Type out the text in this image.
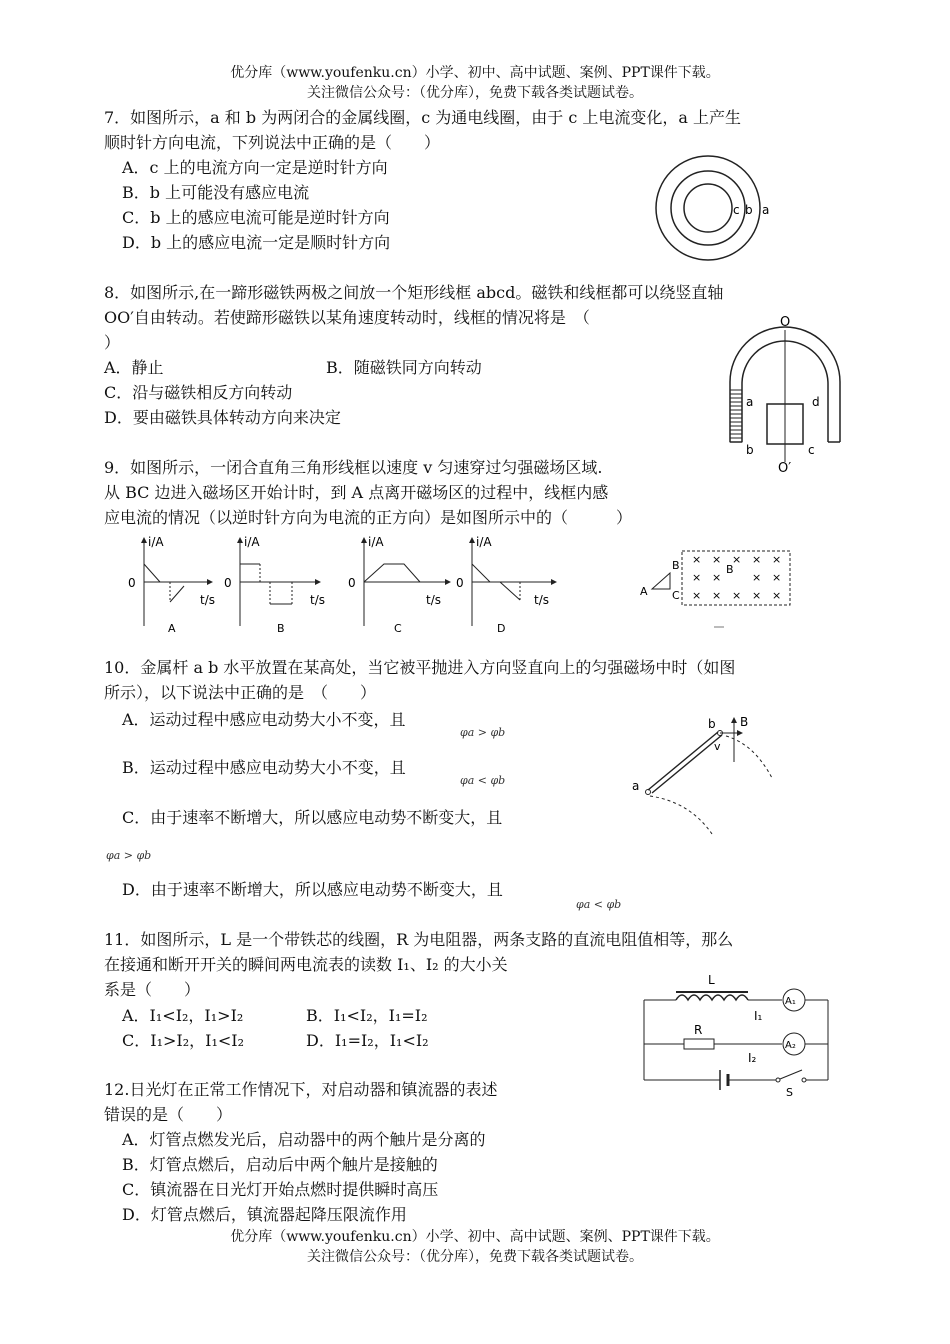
优分库（www.youfenku.cn）小学、初中、高中试题、案例、PPT课件下载。
关注微信公众号：（优分库），免费下载各类试题试卷。
7．如图所示，a 和 b 为两闭合的金属线圈，c 为通电线圈，由于 c 上电流变化，a 上产生
顺时针方向电流，下列说法中正确的是（　　）
A．c 上的电流方向一定是逆时针方向
B．b 上可能没有感应电流
C．b 上的感应电流可能是逆时针方向
D．b 上的感应电流一定是顺时针方向
c b a
8．如图所示,在一蹄形磁铁两极之间放一个矩形线框 abcd。磁铁和线框都可以绕竖直轴
OO′自由转动。若使蹄形磁铁以某角速度转动时，线框的情况将是　（
）
A．静止	B．随磁铁同方向转动
C．沿与磁铁相反方向转动
D．要由磁铁具体转动方向来决定
O
O′
a
b	c
d
9．如图所示，一闭合直角三角形线框以速度 v 匀速穿过匀强磁场区域.
从 BC 边进入磁场区开始计时，到 A 点离开磁场区的过程中，线框内感
应电流的情况（以逆时针方向为电流的正方向）是如图所示中的（　　　）
i/A
0
t/s
A
i/A
0
t/s
B
i/A
0
t/s
C
i/A
0
t/s
D
A
B
C
B
× × × × ×
× ×	× ×
× × × × ×
10．金属杆 a b 水平放置在某高处，当它被平抛进入方向竖直向上的匀强磁场中时（如图
所示），以下说法中正确的是　（　　）
A．运动过程中感应电动势大小不变，且
φa > φb
B．运动过程中感应电动势大小不变，且
φa < φb
C．由于速率不断增大，所以感应电动势不断变大，且
φa > φb
D．由于速率不断增大，所以感应电动势不断变大，且
φa < φb
a
b
v
B
11．如图所示，L 是一个带铁芯的线圈，R 为电阻器，两条支路的直流电阻值相等，那么
在接通和断开开关的瞬间两电流表的读数 I₁、I₂ 的大小关
系是（　　）
A．I₁<I₂，I₁>I₂	B．I₁<I₂，I₁=I₂
C．I₁>I₂，I₁<I₂	D．I₁=I₂，I₁<I₂
L
A₁
I₁
R
A₂
I₂
S
12.日光灯在正常工作情况下，对启动器和镇流器的表述
错误的是（　　）
A．灯管点燃发光后，启动器中的两个触片是分离的
B．灯管点燃后，启动后中两个触片是接触的
C．镇流器在日光灯开始点燃时提供瞬时高压
D．灯管点燃后，镇流器起降压限流作用
优分库（www.youfenku.cn）小学、初中、高中试题、案例、PPT课件下载。
关注微信公众号：（优分库），免费下载各类试题试卷。
